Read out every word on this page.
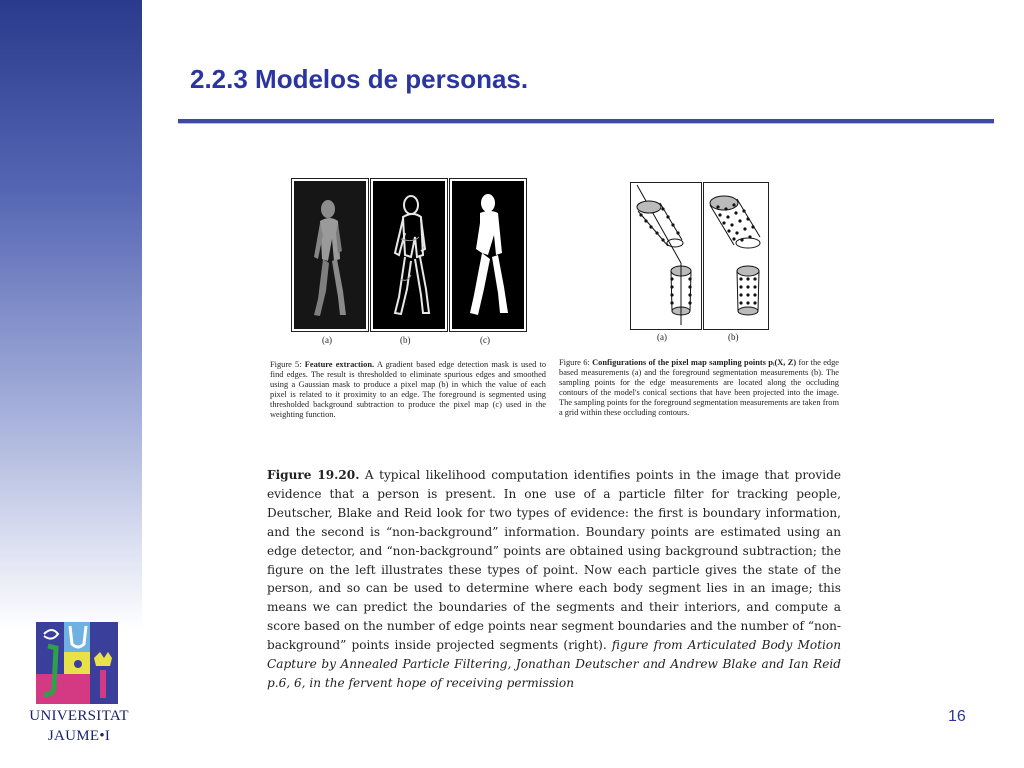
2.2.3 Modelos de personas.
(a)	(b)	(c)
Figure 5: Feature extraction. A gradient based edge detection mask is used to find edges. The result is thresholded to eliminate spurious edges and smoothed using a Gaussian mask to produce a pixel map (b) in which the value of each pixel is related to it proximity to an edge. The foreground is segmented using thresholded background subtraction to produce the pixel map (c) used in the weighting function.
(a)	(b)
Figure 6: Configurations of the pixel map sampling points pᵢ(X, Z) for the edge based measurements (a) and the foreground segmentation measurements (b). The sampling points for the edge measurements are located along the occluding contours of the model's conical sections that have been projected into the image. The sampling points for the foreground segmentation measurements are taken from a grid within these occluding contours.
Figure 19.20. A typical likelihood computation identifies points in the image that provide evidence that a person is present. In one use of a particle filter for tracking people, Deutscher, Blake and Reid look for two types of evidence: the first is boundary information, and the second is “non-background” information. Boundary points are estimated using an edge detector, and “non-background” points are obtained using background subtraction; the figure on the left illustrates these types of point. Now each particle gives the state of the person, and so can be used to determine where each body segment lies in an image; this means we can predict the boundaries of the segments and their interiors, and compute a score based on the number of edge points near segment boundaries and the number of “non-background” points inside projected segments (right). figure from Articulated Body Motion Capture by Annealed Particle Filtering, Jonathan Deutscher and Andrew Blake and Ian Reid p.6, 6, in the fervent hope of receiving permission
16
UNIVERSITAT
JAUME•I
